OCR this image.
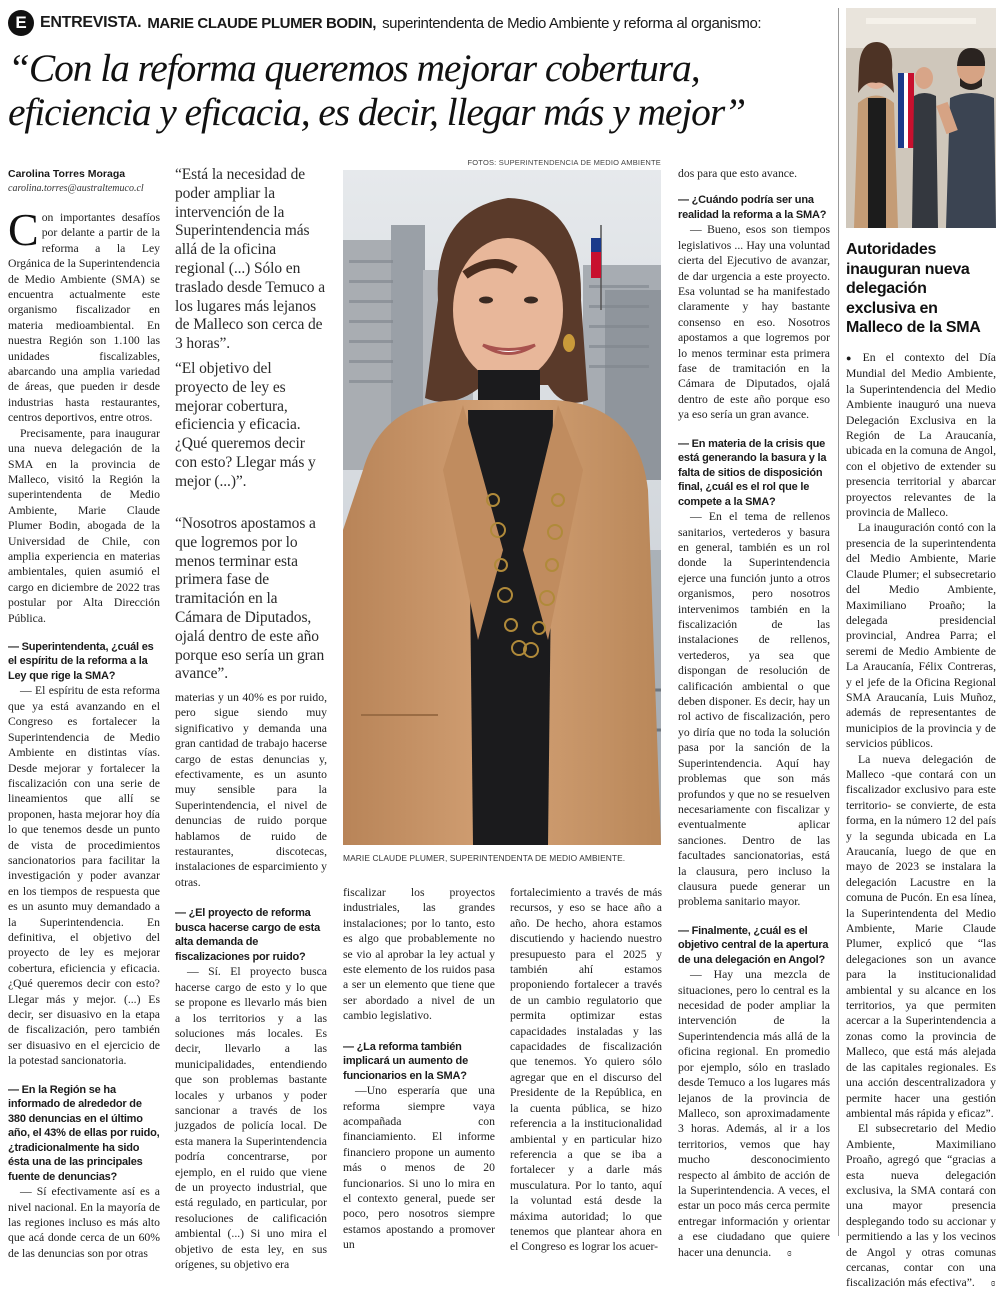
E ENTREVISTA. MARIE CLAUDE PLUMER BODIN, superintendenta de Medio Ambiente y reforma al organismo:
“Con la reforma queremos mejorar cobertura,
eficiencia y eficacia, es decir, llegar más y mejor”
Carolina Torres Moraga
carolina.torres@australtemuco.cl

Con importantes desafíos por delante a partir de la reforma a la Ley Orgánica de la Superintendencia de Medio Ambiente (SMA) se encuentra actualmente este organismo fiscalizador en materia medioambiental. En nuestra Región son 1.100 las unidades fiscalizables, abarcando una amplia variedad de áreas, que pueden ir desde industrias hasta restaurantes, centros deportivos, entre otros.

Precisamente, para inaugurar una nueva delegación de la SMA en la provincia de Malleco, visitó la Región la superintendenta de Medio Ambiente, Marie Claude Plumer Bodin, abogada de la Universidad de Chile, con amplia experiencia en materias ambientales, quien asumió el cargo en diciembre de 2022 tras postular por Alta Dirección Pública.

— Superintendenta, ¿cuál es el espíritu de la reforma a la Ley que rige la SMA?

— El espíritu de esta reforma que ya está avanzando en el Congreso es fortalecer la Superintendencia de Medio Ambiente en distintas vías. Desde mejorar y fortalecer la fiscalización con una serie de lineamientos que allí se proponen, hasta mejorar hoy día lo que tenemos desde un punto de vista de procedimientos sancionatorios para facilitar la investigación y poder avanzar en los tiempos de respuesta que es un asunto muy demandado a la Superintendencia. En definitiva, el objetivo del proyecto de ley es mejorar cobertura, eficiencia y eficacia. ¿Qué queremos decir con esto? Llegar más y mejor. (...) Es decir, ser disuasivo en la etapa de fiscalización, pero también ser disuasivo en el ejercicio de la potestad sancionatoria.

— En la Región se ha informado de alrededor de 380 denuncias en el último año, el 43% de ellas por ruido, ¿tradicionalmente ha sido ésta una de las principales fuente de denuncias?

— Sí efectivamente así es a nivel nacional. En la mayoría de las regiones incluso es más alto que acá donde cerca de un 60% de las denuncias son por otras

“Está la necesidad de poder ampliar la intervención de la Superintendencia más allá de la oficina regional (...) Sólo en traslado desde Temuco a los lugares más lejanos de Malleco son cerca de 3 horas”.
“El objetivo del proyecto de ley es mejorar cobertura, eficiencia y eficacia. ¿Qué queremos decir con esto? Llegar más y mejor (...)”.
“Nosotros apostamos a que logremos por lo menos terminar esta primera fase de tramitación en la Cámara de Diputados, ojalá dentro de este año porque eso sería un gran avance”.

materias y un 40% es por ruido, pero sigue siendo muy significativo y demanda una gran cantidad de trabajo hacerse cargo de estas denuncias y, efectivamente, es un asunto muy sensible para la Superintendencia, el nivel de denuncias de ruido porque hablamos de ruido de restaurantes, discotecas, instalaciones de esparcimiento y otras.

— ¿El proyecto de reforma busca hacerse cargo de esta alta demanda de fiscalizaciones por ruido?

— Sí. El proyecto busca hacerse cargo de esto y lo que se propone es llevarlo más bien a los territorios y a las soluciones más locales. Es decir, llevarlo a las municipalidades, entendiendo que son problemas bastante locales y urbanos y poder sancionar a través de los juzgados de policía local. De esta manera la Superintendencia podría concentrarse, por ejemplo, en el ruido que viene de un proyecto industrial, que está regulado, en particular, por resoluciones de calificación ambiental (...) Si uno mira el objetivo de esta ley, en sus orígenes, su objetivo era

FOTOS: SUPERINTENDENCIA DE MEDIO AMBIENTE
MARIE CLAUDE PLUMER, SUPERINTENDENTA DE MEDIO AMBIENTE.

fiscalizar los proyectos industriales, las grandes instalaciones; por lo tanto, esto es algo que probablemente no se vio al aprobar la ley actual y este elemento de los ruidos pasa a ser un elemento que tiene que ser abordado a nivel de un cambio legislativo.

— ¿La reforma también implicará un aumento de funcionarios en la SMA?

—Uno esperaría que una reforma siempre vaya acompañada con financiamiento. El informe financiero propone un aumento más o menos de 20 funcionarios. Si uno lo mira en el contexto general, puede ser poco, pero nosotros siempre estamos apostando a promover un

fortalecimiento a través de más recursos, y eso se hace año a año. De hecho, ahora estamos discutiendo y haciendo nuestro presupuesto para el 2025 y también ahí estamos proponiendo fortalecer a través de un cambio regulatorio que permita optimizar estas capacidades instaladas y las capacidades de fiscalización que tenemos. Yo quiero sólo agregar que en el discurso del Presidente de la República, en la cuenta pública, se hizo referencia a la institucionalidad ambiental y en particular hizo referencia a que se iba a fortalecer y a darle más musculatura. Por lo tanto, aquí la voluntad está desde la máxima autoridad; lo que tenemos que plantear ahora en el Congreso es lograr los acuer-

dos para que esto avance.

— ¿Cuándo podría ser una realidad la reforma a la SMA?

— Bueno, esos son tiempos legislativos ... Hay una voluntad cierta del Ejecutivo de avanzar, de dar urgencia a este proyecto. Esa voluntad se ha manifestado claramente y hay bastante consenso en eso. Nosotros apostamos a que logremos por lo menos terminar esta primera fase de tramitación en la Cámara de Diputados, ojalá dentro de este año porque eso ya eso sería un gran avance.

— En materia de la crisis que está generando la basura y la falta de sitios de disposición final, ¿cuál es el rol que le compete a la SMA?

— En el tema de rellenos sanitarios, vertederos y basura en general, también es un rol donde la Superintendencia ejerce una función junto a otros organismos, pero nosotros intervenimos también en la fiscalización de las instalaciones de rellenos, vertederos, ya sea que dispongan de resolución de calificación ambiental o que deben disponer. Es decir, hay un rol activo de fiscalización, pero yo diría que no toda la solución pasa por la sanción de la Superintendencia. Aquí hay problemas que son más profundos y que no se resuelven necesariamente con fiscalizar y eventualmente aplicar sanciones. Dentro de las facultades sancionatorias, está la clausura, pero incluso la clausura puede generar un problema sanitario mayor.

— Finalmente, ¿cuál es el objetivo central de la apertura de una delegación en Angol?

— Hay una mezcla de situaciones, pero lo central es la necesidad de poder ampliar la intervención de la Superintendencia más allá de la oficina regional. En promedio por ejemplo, sólo en traslado desde Temuco a los lugares más lejanos de la provincia de Malleco, son aproximadamente 3 horas. Además, al ir a los territorios, vemos que hay mucho desconocimiento respecto al ámbito de acción de la Superintendencia. A veces, el estar un poco más cerca permite entregar información y orientar a ese ciudadano que quiere hacer una denuncia. ɞ

Autoridades inauguran nueva delegación exclusiva en Malleco de la SMA

● En el contexto del Día Mundial del Medio Ambiente, la Superintendencia del Medio Ambiente inauguró una nueva Delegación Exclusiva en la Región de La Araucanía, ubicada en la comuna de Angol, con el objetivo de extender su presencia territorial y abarcar proyectos relevantes de la provincia de Malleco.

La inauguración contó con la presencia de la superintendenta del Medio Ambiente, Marie Claude Plumer; el subsecretario del Medio Ambiente, Maximiliano Proaño; la delegada presidencial provincial, Andrea Parra; el seremi de Medio Ambiente de La Araucanía, Félix Contreras, y el jefe de la Oficina Regional SMA Araucanía, Luis Muñoz, además de representantes de municipios de la provincia y de servicios públicos.

La nueva delegación de Malleco -que contará con un fiscalizador exclusivo para este territorio- se convierte, de esta forma, en la número 12 del país y la segunda ubicada en La Araucanía, luego de que en mayo de 2023 se instalara la delegación Lacustre en la comuna de Pucón. En esa línea, la Superintendenta del Medio Ambiente, Marie Claude Plumer, explicó que “las delegaciones son un avance para la institucionalidad ambiental y su alcance en los territorios, ya que permiten acercar a la Superintendencia a zonas como la provincia de Malleco, que está más alejada de las capitales regionales. Es una acción descentralizadora y permite hacer una gestión ambiental más rápida y eficaz”.

El subsecretario del Medio Ambiente, Maximiliano Proaño, agregó que “gracias a esta nueva delegación exclusiva, la SMA contará con una mayor presencia desplegando todo su accionar y permitiendo a las y los vecinos de Angol y otras comunas cercanas, contar con una fiscalización más efectiva”. ɞ
